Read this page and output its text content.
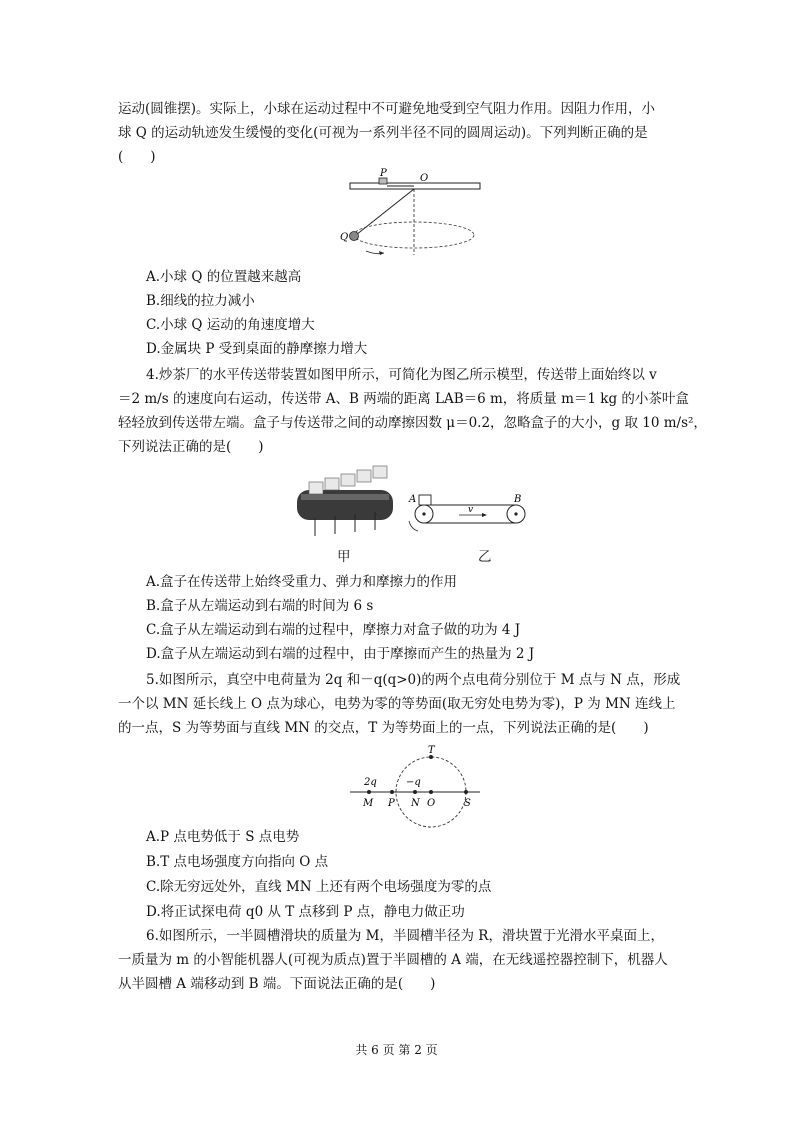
运动(圆锥摆)。实际上，小球在运动过程中不可避免地受到空气阻力作用。因阻力作用，小
球 Q 的运动轨迹发生缓慢的变化(可视为一系列半径不同的圆周运动)。下列判断正确的是
(　　)
P	O
Q
A.小球 Q 的位置越来越高
B.细线的拉力减小
C.小球 Q 运动的角速度增大
D.金属块 P 受到桌面的静摩擦力增大
4.炒茶厂的水平传送带装置如图甲所示，可简化为图乙所示模型，传送带上面始终以 v
＝2 m/s 的速度向右运动，传送带 A、B 两端的距离 LAB＝6 m，将质量 m＝1 kg 的小茶叶盒
轻轻放到传送带左端。盒子与传送带之间的动摩擦因数 μ＝0.2，忽略盒子的大小，g 取 10 m/s²，
下列说法正确的是(　　)
甲
A	B
v
乙
A.盒子在传送带上始终受重力、弹力和摩擦力的作用
B.盒子从左端运动到右端的时间为 6 s
C.盒子从左端运动到右端的过程中，摩擦力对盒子做的功为 4 J
D.盒子从左端运动到右端的过程中，由于摩擦而产生的热量为 2 J
5.如图所示，真空中电荷量为 2q 和－q(q>0)的两个点电荷分别位于 M 点与 N 点，形成
一个以 MN 延长线上 O 点为球心，电势为零的等势面(取无穷处电势为零)，P 为 MN 连线上
的一点，S 为等势面与直线 MN 的交点，T 为等势面上的一点，下列说法正确的是(　　)
T
2q	−q
M P N O	S
A.P 点电势低于 S 点电势
B.T 点电场强度方向指向 O 点
C.除无穷远处外，直线 MN 上还有两个电场强度为零的点
D.将正试探电荷 q0 从 T 点移到 P 点，静电力做正功
6.如图所示，一半圆槽滑块的质量为 M，半圆槽半径为 R，滑块置于光滑水平桌面上，
一质量为 m 的小智能机器人(可视为质点)置于半圆槽的 A 端，在无线遥控器控制下，机器人
从半圆槽 A 端移动到 B 端。下面说法正确的是(　　)
共 6 页 第 2 页
